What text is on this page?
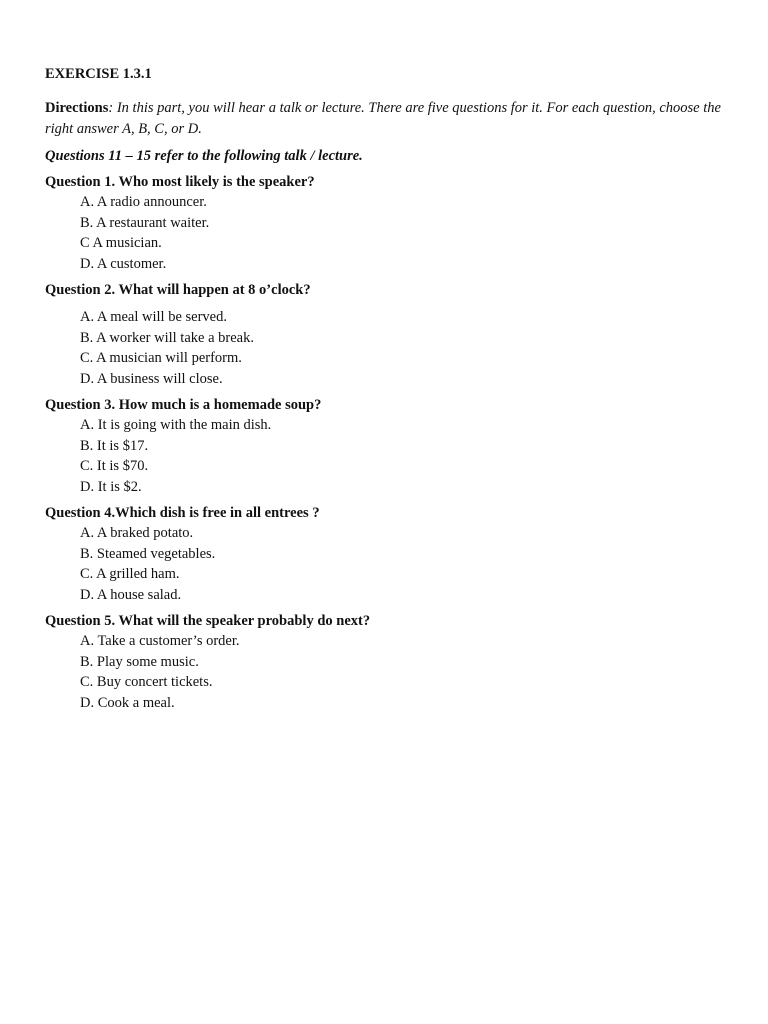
EXERCISE 1.3.1
Directions: In this part, you will hear a talk or lecture. There are five questions for it. For each question, choose the right answer A, B, C, or D.
Questions 11 – 15 refer to the following talk / lecture.
Question 1. Who most likely is the speaker?
A. A radio announcer.
B. A restaurant waiter.
C A musician.
D. A customer.
Question 2. What will happen at 8 o’clock?
A. A meal will be served.
B. A worker will take a break.
C. A musician will perform.
D. A business will close.
Question 3. How much is a homemade soup?
A. It is going with the main dish.
B. It is $17.
C. It is $70.
D. It is $2.
Question 4.Which dish is free in all entrees ?
A. A braked potato.
B. Steamed vegetables.
C. A grilled ham.
D. A house salad.
Question 5. What will the speaker probably do next?
A. Take a customer’s order.
B. Play some music.
C. Buy concert tickets.
D. Cook a meal.
